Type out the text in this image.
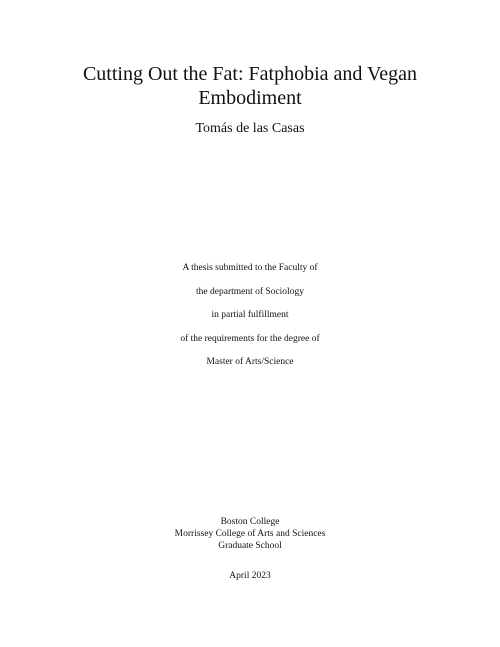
Cutting Out the Fat: Fatphobia and Vegan
Embodiment
Tomás de las Casas
A thesis submitted to the Faculty of
the department of Sociology
in partial fulfillment
of the requirements for the degree of
Master of Arts/Science
Boston College
Morrissey College of Arts and Sciences
Graduate School
April 2023
